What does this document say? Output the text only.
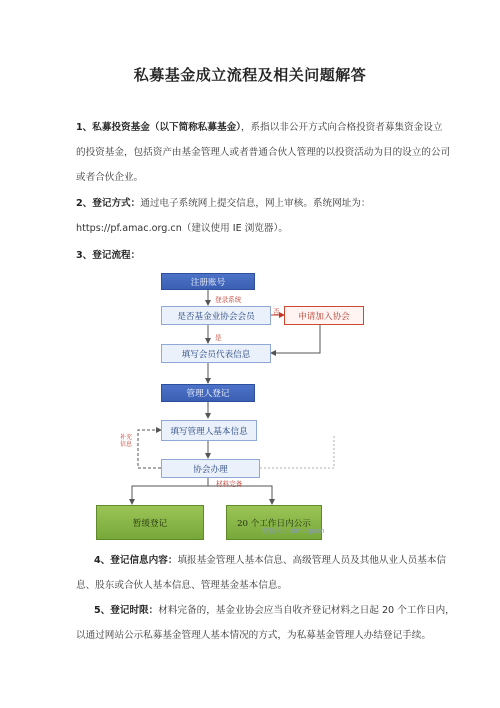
私募基金成立流程及相关问题解答
1、私募投资基金（以下简称私募基金），系指以非公开方式向合格投资者募集资金设立
的投资基金，包括资产由基金管理人或者普通合伙人管理的以投资活动为目的设立的公司
或者合伙企业。
2、登记方式：通过电子系统网上提交信息，网上审核。系统网址为：
https://pf.amac.org.cn（建议使用 IE 浏览器）。
3、登记流程：
注册账号
登录系统
是否基金业协会会员	否	申请加入协会
是
填写会员代表信息
管理人登记
填写管理人基本信息
补充信息
协会办理
材料完备
暂缓登记	20 个工作日内公示
微信号：simuquan
4、登记信息内容：填报基金管理人基本信息、高级管理人员及其他从业人员基本信
息、股东或合伙人基本信息、管理基金基本信息。
5、登记时限：材料完备的，基金业协会应当自收齐登记材料之日起 20 个工作日内，
以通过网站公示私募基金管理人基本情况的方式，为私募基金管理人办结登记手续。
